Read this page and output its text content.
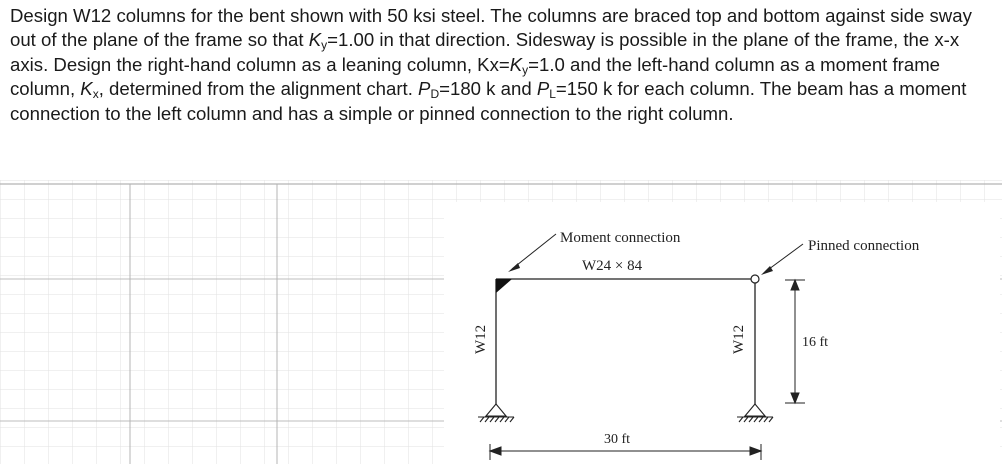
Design W12 columns for the bent shown with 50 ksi steel. The columns are braced top and bottom against side sway out of the plane of the frame so that $K_y=1.00$ in that direction. Sidesway is possible in the plane of the frame, the x-x axis. Design the right-hand column as a leaning column, $Kx=K_y=1.0$ and the left-hand column as a moment frame column, $K_x$, determined from the alignment chart. $P_D=180$ k and $P_L=150$ k for each column. The beam has a moment connection to the left column and has a simple or pinned connection to the right column.

Moment connection
W24 × 84
Pinned connection
W12	W12	16 ft
30 ft
